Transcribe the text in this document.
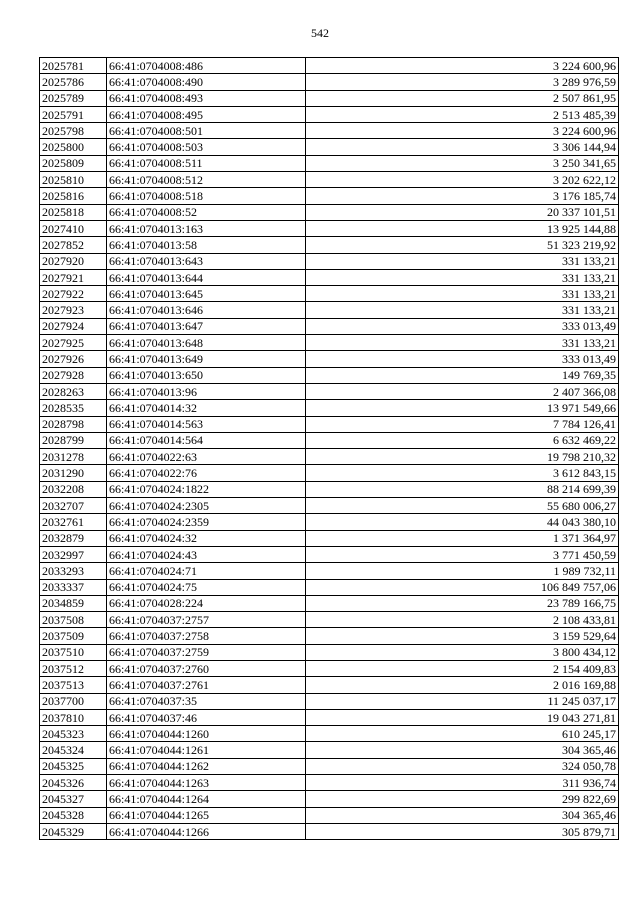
542
2025781	66:41:0704008:486	3 224 600,96
2025786	66:41:0704008:490	3 289 976,59
2025789	66:41:0704008:493	2 507 861,95
2025791	66:41:0704008:495	2 513 485,39
2025798	66:41:0704008:501	3 224 600,96
2025800	66:41:0704008:503	3 306 144,94
2025809	66:41:0704008:511	3 250 341,65
2025810	66:41:0704008:512	3 202 622,12
2025816	66:41:0704008:518	3 176 185,74
2025818	66:41:0704008:52	20 337 101,51
2027410	66:41:0704013:163	13 925 144,88
2027852	66:41:0704013:58	51 323 219,92
2027920	66:41:0704013:643	331 133,21
2027921	66:41:0704013:644	331 133,21
2027922	66:41:0704013:645	331 133,21
2027923	66:41:0704013:646	331 133,21
2027924	66:41:0704013:647	333 013,49
2027925	66:41:0704013:648	331 133,21
2027926	66:41:0704013:649	333 013,49
2027928	66:41:0704013:650	149 769,35
2028263	66:41:0704013:96	2 407 366,08
2028535	66:41:0704014:32	13 971 549,66
2028798	66:41:0704014:563	7 784 126,41
2028799	66:41:0704014:564	6 632 469,22
2031278	66:41:0704022:63	19 798 210,32
2031290	66:41:0704022:76	3 612 843,15
2032208	66:41:0704024:1822	88 214 699,39
2032707	66:41:0704024:2305	55 680 006,27
2032761	66:41:0704024:2359	44 043 380,10
2032879	66:41:0704024:32	1 371 364,97
2032997	66:41:0704024:43	3 771 450,59
2033293	66:41:0704024:71	1 989 732,11
2033337	66:41:0704024:75	106 849 757,06
2034859	66:41:0704028:224	23 789 166,75
2037508	66:41:0704037:2757	2 108 433,81
2037509	66:41:0704037:2758	3 159 529,64
2037510	66:41:0704037:2759	3 800 434,12
2037512	66:41:0704037:2760	2 154 409,83
2037513	66:41:0704037:2761	2 016 169,88
2037700	66:41:0704037:35	11 245 037,17
2037810	66:41:0704037:46	19 043 271,81
2045323	66:41:0704044:1260	610 245,17
2045324	66:41:0704044:1261	304 365,46
2045325	66:41:0704044:1262	324 050,78
2045326	66:41:0704044:1263	311 936,74
2045327	66:41:0704044:1264	299 822,69
2045328	66:41:0704044:1265	304 365,46
2045329	66:41:0704044:1266	305 879,71
